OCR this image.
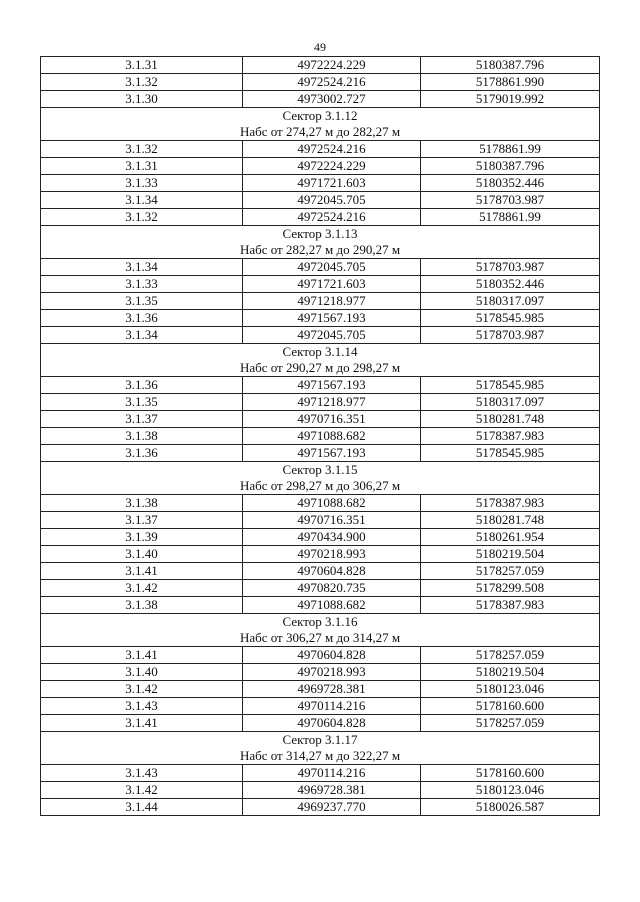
49
3.1.31	4972224.229	5180387.796
3.1.32	4972524.216	5178861.990
3.1.30	4973002.727	5179019.992

Сектор 3.1.12
Набс от 274,27 м до 282,27 м		

3.1.32	4972524.216	5178861.99
3.1.31	4972224.229	5180387.796
3.1.33	4971721.603	5180352.446
3.1.34	4972045.705	5178703.987
3.1.32	4972524.216	5178861.99

Сектор 3.1.13
Набс от 282,27 м до 290,27 м		

3.1.34	4972045.705	5178703.987
3.1.33	4971721.603	5180352.446
3.1.35	4971218.977	5180317.097
3.1.36	4971567.193	5178545.985
3.1.34	4972045.705	5178703.987

Сектор 3.1.14
Набс от 290,27 м до 298,27 м		

3.1.36	4971567.193	5178545.985
3.1.35	4971218.977	5180317.097
3.1.37	4970716.351	5180281.748
3.1.38	4971088.682	5178387.983
3.1.36	4971567.193	5178545.985

Сектор 3.1.15
Набс от 298,27 м до 306,27 м		

3.1.38	4971088.682	5178387.983
3.1.37	4970716.351	5180281.748
3.1.39	4970434.900	5180261.954
3.1.40	4970218.993	5180219.504
3.1.41	4970604.828	5178257.059
3.1.42	4970820.735	5178299.508
3.1.38	4971088.682	5178387.983

Сектор 3.1.16
Набс от 306,27 м до 314,27 м		

3.1.41	4970604.828	5178257.059
3.1.40	4970218.993	5180219.504
3.1.42	4969728.381	5180123.046
3.1.43	4970114.216	5178160.600
3.1.41	4970604.828	5178257.059

Сектор 3.1.17
Набс от 314,27 м до 322,27 м		

3.1.43	4970114.216	5178160.600
3.1.42	4969728.381	5180123.046
3.1.44	4969237.770	5180026.587
